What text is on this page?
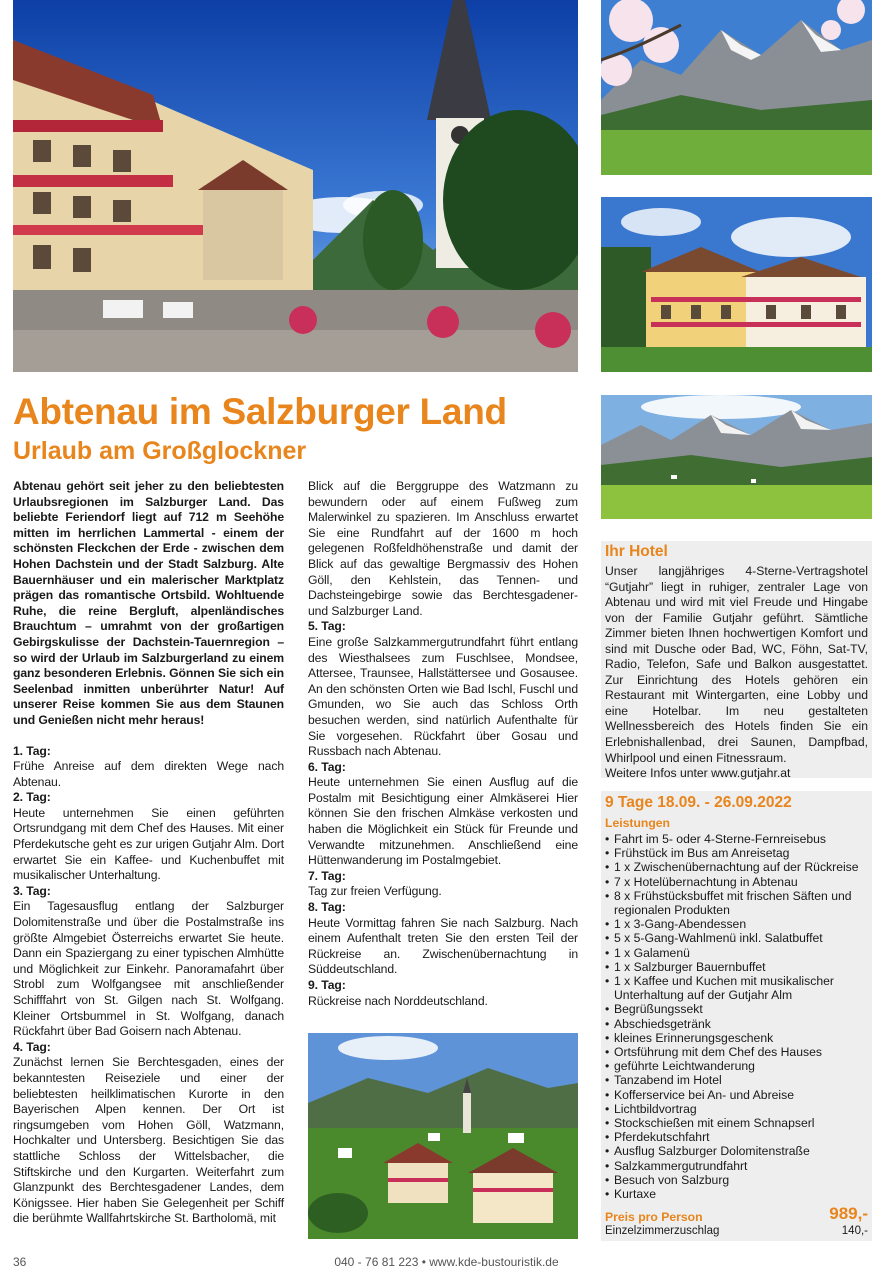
Abtenau im Salzburger Land
Urlaub am Großglockner

Abtenau gehört seit jeher zu den beliebtesten Urlaubsregionen im Salzburger Land. Das beliebte Feriendorf liegt auf 712 m Seehöhe mitten im herrlichen Lammertal - einem der schönsten Fleckchen der Erde - zwischen dem Hohen Dachstein und der Stadt Salzburg. Alte Bauernhäuser und ein malerischer Marktplatz prägen das romantische Ortsbild. Wohltuende Ruhe, die reine Bergluft, alpenländisches Brauchtum – umrahmt von der großartigen Gebirgskulisse der Dachstein-Tauernregion – so wird der Urlaub im Salzburgerland zu einem ganz besonderen Erlebnis. Gönnen Sie sich ein Seelenbad inmitten unberührter Natur! Auf unserer Reise kommen Sie aus dem Staunen und Genießen nicht mehr heraus!

1. Tag:

Frühe Anreise auf dem direkten Wege nach Abtenau.

2. Tag:

Heute unternehmen Sie einen geführten Ortsrundgang mit dem Chef des Hauses. Mit einer Pferdekutsche geht es zur urigen Gutjahr Alm. Dort erwartet Sie ein Kaffee- und Kuchenbuffet mit musikalischer Unterhaltung.

3. Tag:

Ein Tagesausflug entlang der Salzburger Dolomitenstraße und über die Postalmstraße ins größte Almgebiet Österreichs erwartet Sie heute. Dann ein Spaziergang zu einer typischen Almhütte und Möglichkeit zur Einkehr. Panoramafahrt über Strobl zum Wolfgangsee mit anschließender Schifffahrt von St. Gilgen nach St. Wolfgang. Kleiner Ortsbummel in St. Wolfgang, danach Rückfahrt über Bad Goisern nach Abtenau.

4. Tag:

Zunächst lernen Sie Berchtesgaden, eines der bekanntesten Reiseziele und einer der beliebtesten heilklimatischen Kurorte in den Bayerischen Alpen kennen. Der Ort ist ringsumgeben vom Hohen Göll, Watzmann, Hochkalter und Untersberg. Besichtigen Sie das stattliche Schloss der Wittelsbacher, die Stiftskirche und den Kurgarten. Weiterfahrt zum Glanzpunkt des Berchtesgadener Landes, dem Königssee. Hier haben Sie Gelegenheit per Schiff die berühmte Wallfahrtskirche St. Bartholomä, mit

Blick auf die Berggruppe des Watzmann zu bewundern oder auf einem Fußweg zum Malerwinkel zu spazieren. Im Anschluss erwartet Sie eine Rundfahrt auf der 1600 m hoch gelegenen Roßfeldhöhenstraße und damit der Blick auf das gewaltige Bergmassiv des Hohen Göll, den Kehlstein, das Tennen- und Dachsteingebirge sowie das Berchtesgadener- und Salzburger Land.

5. Tag:

Eine große Salzkammergutrundfahrt führt entlang des Wiesthalsees zum Fuschlsee, Mondsee, Attersee, Traunsee, Hallstättersee und Gosausee. An den schönsten Orten wie Bad Ischl, Fuschl und Gmunden, wo Sie auch das Schloss Orth besuchen werden, sind natürlich Aufenthalte für Sie vorgesehen. Rückfahrt über Gosau und Russbach nach Abtenau.

6. Tag:

Heute unternehmen Sie einen Ausflug auf die Postalm mit Besichtigung einer Almkäserei Hier können Sie den frischen Almkäse verkosten und haben die Möglichkeit ein Stück für Freunde und Verwandte mitzunehmen. Anschließend eine Hüttenwanderung im Postalmgebiet.

7. Tag:

Tag zur freien Verfügung.

8. Tag:

Heute Vormittag fahren Sie nach Salzburg. Nach einem Aufenthalt treten Sie den ersten Teil der Rückreise an. Zwischenübernachtung in Süddeutschland.

9. Tag:

Rückreise nach Norddeutschland.

Ihr Hotel
Unser langjähriges 4-Sterne-Vertragshotel “Gutjahr” liegt in ruhiger, zentraler Lage von Abtenau und wird mit viel Freude und Hingabe von der Familie Gutjahr geführt. Sämtliche Zimmer bieten Ihnen hochwertigen Komfort und sind mit Dusche oder Bad, WC, Föhn, Sat-TV, Radio, Telefon, Safe und Balkon ausgestattet. Zur Einrichtung des Hotels gehören ein Restaurant mit Wintergarten, eine Lobby und eine Hotelbar. Im neu gestalteten Wellnessbereich des Hotels finden Sie ein Erlebnishallenbad, drei Saunen, Dampfbad, Whirlpool und einen Fitnessraum.
Weitere Infos unter www.gutjahr.at
9 Tage 18.09. - 26.09.2022
Leistungen
• Fahrt im 5- oder 4-Sterne-Fernreisebus
• Frühstück im Bus am Anreisetag
• 1 x Zwischenübernachtung auf der Rückreise
• 7 x Hotelübernachtung in Abtenau
• 8 x Frühstücksbuffet mit frischen Säften und regionalen Produkten
• 1 x 3-Gang-Abendessen
• 5 x 5-Gang-Wahlmenü inkl. Salatbuffet
• 1 x Galamenü
• 1 x Salzburger Bauernbuffet
• 1 x Kaffee und Kuchen mit musikalischer Unterhaltung auf der Gutjahr Alm
• Begrüßungssekt
• Abschiedsgetränk
• kleines Erinnerungsgeschenk
• Ortsführung mit dem Chef des Hauses
• geführte Leichtwanderung
• Tanzabend im Hotel
• Kofferservice bei An- und Abreise
• Lichtbildvortrag
• Stockschießen mit einem Schnapserl
• Pferdekutschfahrt
• Ausflug Salzburger Dolomitenstraße
• Salzkammergutrundfahrt
• Besuch von Salzburg
• Kurtaxe
Preis pro Person	989,-
Einzelzimmerzuschlag	140,-
040 - 76 81 223 • www.kde-bustouristik.de
36
